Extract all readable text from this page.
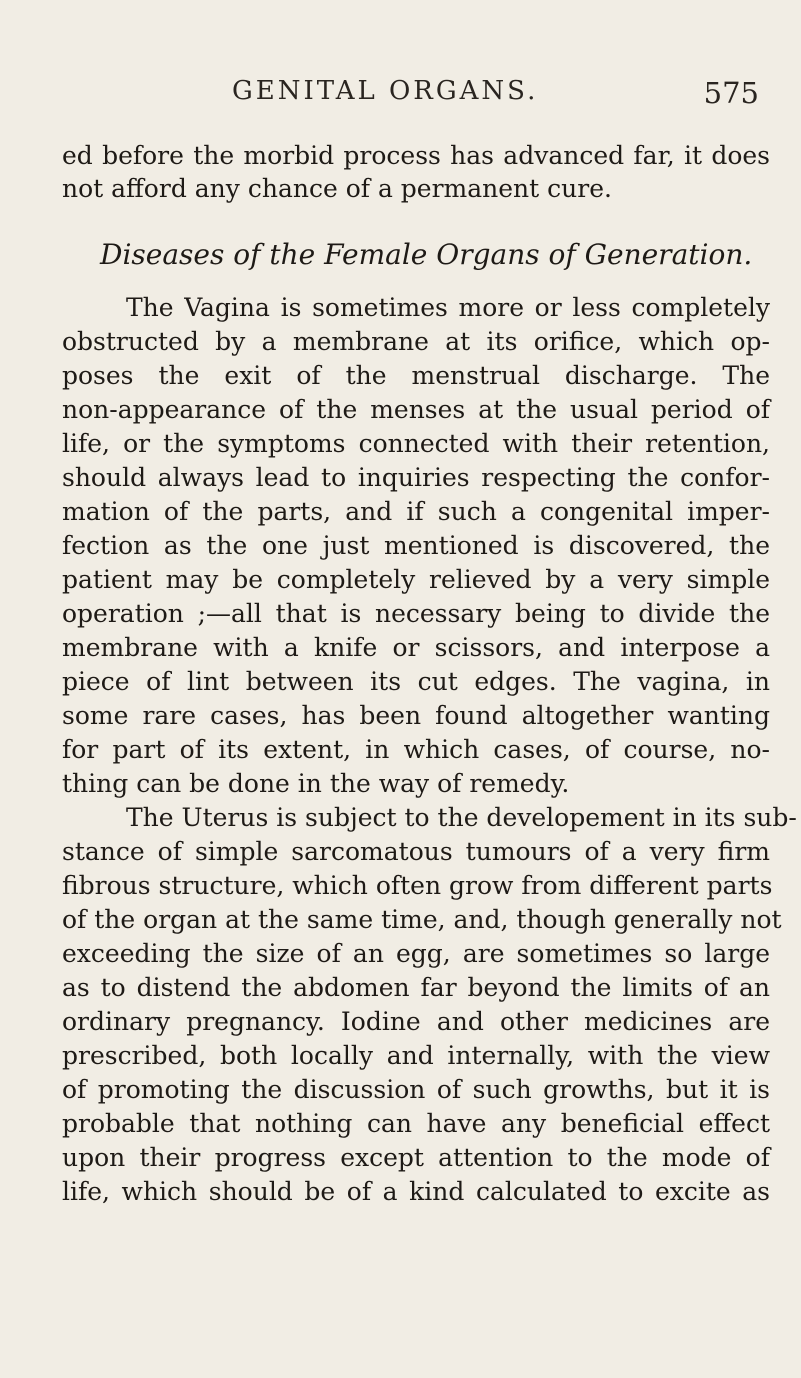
GENITAL ORGANS.	575
ed before the morbid process has advanced far, it does
not afford any chance of a permanent cure.
Diseases of the Female Organs of Generation.
The Vagina is sometimes more or less completely
obstructed by a membrane at its orifice, which op-
poses the exit of the menstrual discharge. The
non-appearance of the menses at the usual period of
life, or the symptoms connected with their retention,
should always lead to inquiries respecting the confor-
mation of the parts, and if such a congenital imper-
fection as the one just mentioned is discovered, the
patient may be completely relieved by a very simple
operation ;—all that is necessary being to divide the
membrane with a knife or scissors, and interpose a
piece of lint between its cut edges. The vagina, in
some rare cases, has been found altogether wanting
for part of its extent, in which cases, of course, no-
thing can be done in the way of remedy.
The Uterus is subject to the developement in its sub-
stance of simple sarcomatous tumours of a very firm
fibrous structure, which often grow from different parts
of the organ at the same time, and, though generally not
exceeding the size of an egg, are sometimes so large
as to distend the abdomen far beyond the limits of an
ordinary pregnancy. Iodine and other medicines are
prescribed, both locally and internally, with the view
of promoting the discussion of such growths, but it is
probable that nothing can have any beneficial effect
upon their progress except attention to the mode of
life, which should be of a kind calculated to excite as
